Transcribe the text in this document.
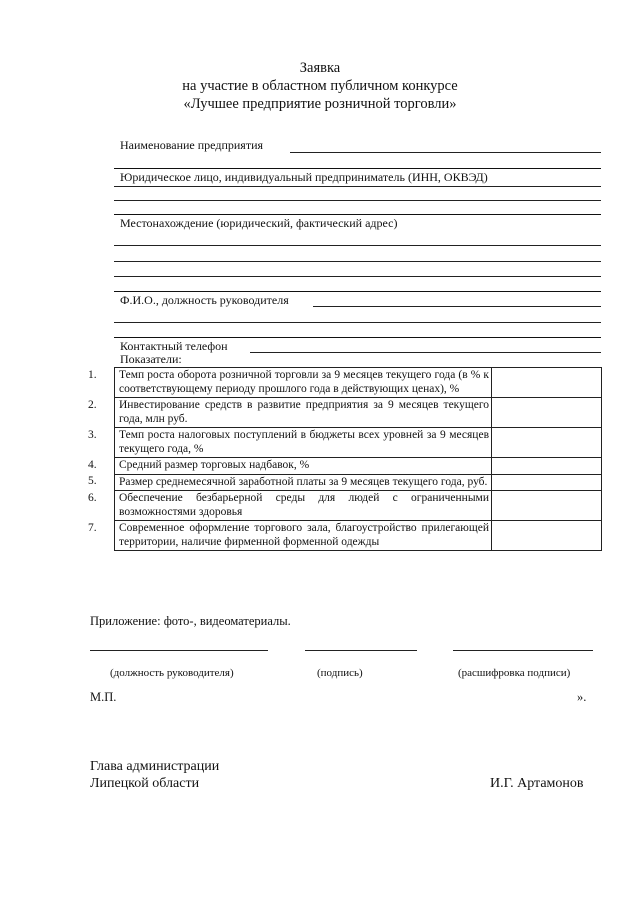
Заявка
на участие в областном публичном конкурсе
«Лучшее предприятие розничной торговли»
Наименование предприятия
Юридическое лицо, индивидуальный предприниматель (ИНН, ОКВЭД)
Местонахождение (юридический, фактический адрес)
Ф.И.О., должность руководителя
Контактный телефон
Показатели:
1.	Темп роста оборота розничной торговли за 9 месяцев текущего года (в % к соответствующему периоду прошлого года в действующих ценах), %	
2.	Инвестирование средств в развитие предприятия за 9 месяцев текущего года, млн руб.	
3.	Темп роста налоговых поступлений в бюджеты всех уровней за 9 месяцев текущего года, %	
4.	Средний размер торговых надбавок, %	
5.	Размер среднемесячной заработной платы за 9 месяцев текущего года, руб.	
6.	Обеспечение безбарьерной среды для людей с ограниченными возможностями здоровья	
7.	Современное оформление торгового зала, благоустройство прилегающей территории, наличие фирменной форменной одежды	
Приложение: фото-, видеоматериалы.
(должность руководителя)	(подпись)	(расшифровка подписи)
М.П.	».
Глава администрации
Липецкой области	И.Г. Артамонов
